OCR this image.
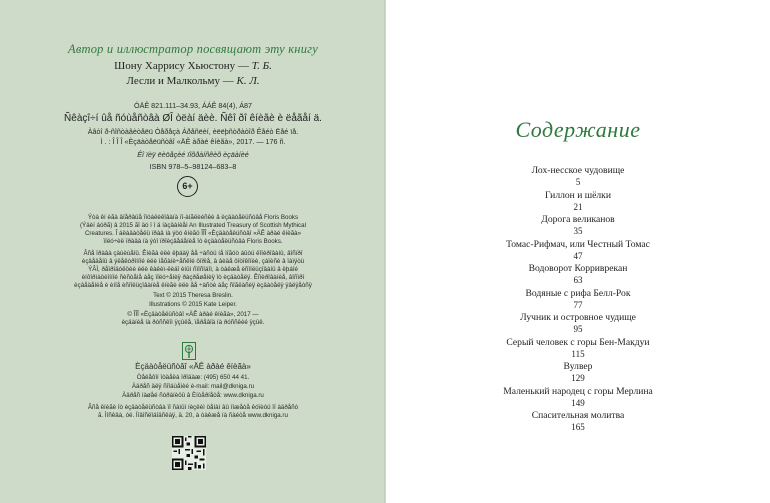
Автор и иллюстратор посвящают эту книгу
Шону Харрису Хьюстону — Т. Б.
Лесли и Малкольму — К. Л.
ÓÄÊ 821.111–34.93, ÁÁÊ 84(4), Á87
Ñêàçî÷í ûå ñóùåñòâà ØÎ òëàí äèè. Ñêî ðî êíèãè è ëåãåí ä.
Àâòî ð-ñîñòàâèòåëü Òåðåçà Áðåñëèí, èëëþñòðàòîð Êåéò Ëåé ïå.
Ì . : Î Î Î «Èçäàòåëüñòâî «ÄÊ àðàé êíèãà», 2017. — 176 ñ.
Êî ïèÿ ëèöåçèé ïîõðàíñêèõ èçäàíèé
ISBN 978–5–98124–683–8
6+
Ýòà êí èãà âïåðâûå îïóáëèêîâàíà ïî-àíãëèéñêè â èçäàòåëüñòâå Floris Books
(Ýäèí áóðã) â 2015 ãî äó ï î ä íàçâàíèåì An Illustrated Treasury of Scottish Mythical
Creatures. Î áëàäàòåëü ïðàâ íà ýòó êíèãó ÎÎÎ «Èçäàòåëüñòâî «ÄÊ àðàé êíèãà»
ïîëó÷èë ïðàâà íà ýòî ïðîèçâåäåíèå îò èçäàòåëüñòâà Floris Books.
Âñå ïðàâà çàùèùåíû. Êíèãà èëè ëþáàÿ åå ÷àñòü íå ìîãóò áûòü êîïèðîâàíû, âîñïðî
èçâåäåíû â ýëåêòðîííîé èëè ìåõàíè÷åñêîé ôîðìå, â âèäå ôîòîêîïèè, çàïèñè â ïàìÿòü
ÝÂÌ, ðåïðîäóêöèè èëè êàêèì-ëèáî èíûì ñïîñîáîì, à òàêæå èñïîëüçîâàíû â ëþáîé
èíôîðìàöèîííîé ñèñòåìå áåç ïîëó÷åíèÿ ðàçðåøåíèÿ îò èçäàòåëÿ. Êîïèðîâàíèå, âîñïðî
èçâåäåíèå è èíîå èñïîëüçîâàíèå êíèãè èëè åå ÷àñòè áåç ñîãëàñèÿ èçäàòåëÿ ÿâëÿåòñÿ
Text © 2015 Theresa Breslin.
Illustrations © 2015 Kate Leiper.
© ÎÎÎ «Èçäàòåëüñòâî «ÄÊ àðàé êíèãà», 2017 —
èçäàíèå íà ðóññêîì ÿçûêå, ïåðåâîä íà ðóññêèé ÿçûê.
Èçäàòåëüñòâî «ÄÊ àðàé êíèãà»
Òåëåôîí îòäåëà ïðîäàæ: (495) 650 44 41.
Àäðåñ äëÿ ñîîáùåíèé è-mail: mail@dkniga.ru
Àäðåñ íàøåé ñòðàíèöû â Èíòåðíåòå: www.dkniga.ru
Âñå êíèãè îò èçäàòåëüñòâà ïî ñàìûì íèçêèì öåíàì âû ìîæåòå êóïèòü ïî àäðåñó
ã. Ìîñêâà, óë. Íîâîñëîáîäñêàÿ, ä. 20, à òàêæå íà ñàéòå www.dkniga.ru
Содержание
Лох-несское чудовище
5
Гиллон и шёлки
21
Дорога великанов
35
Томас-Рифмач, или Честный Томас
47
Водоворот Корриврекан
63
Водяные с рифа Белл-Рок
77
Лучник и островное чудище
95
Серый человек с горы Бен-Макдуи
115
Вулвер
129
Маленький народец с горы Мерлина
149
Спасительная молитва
165
